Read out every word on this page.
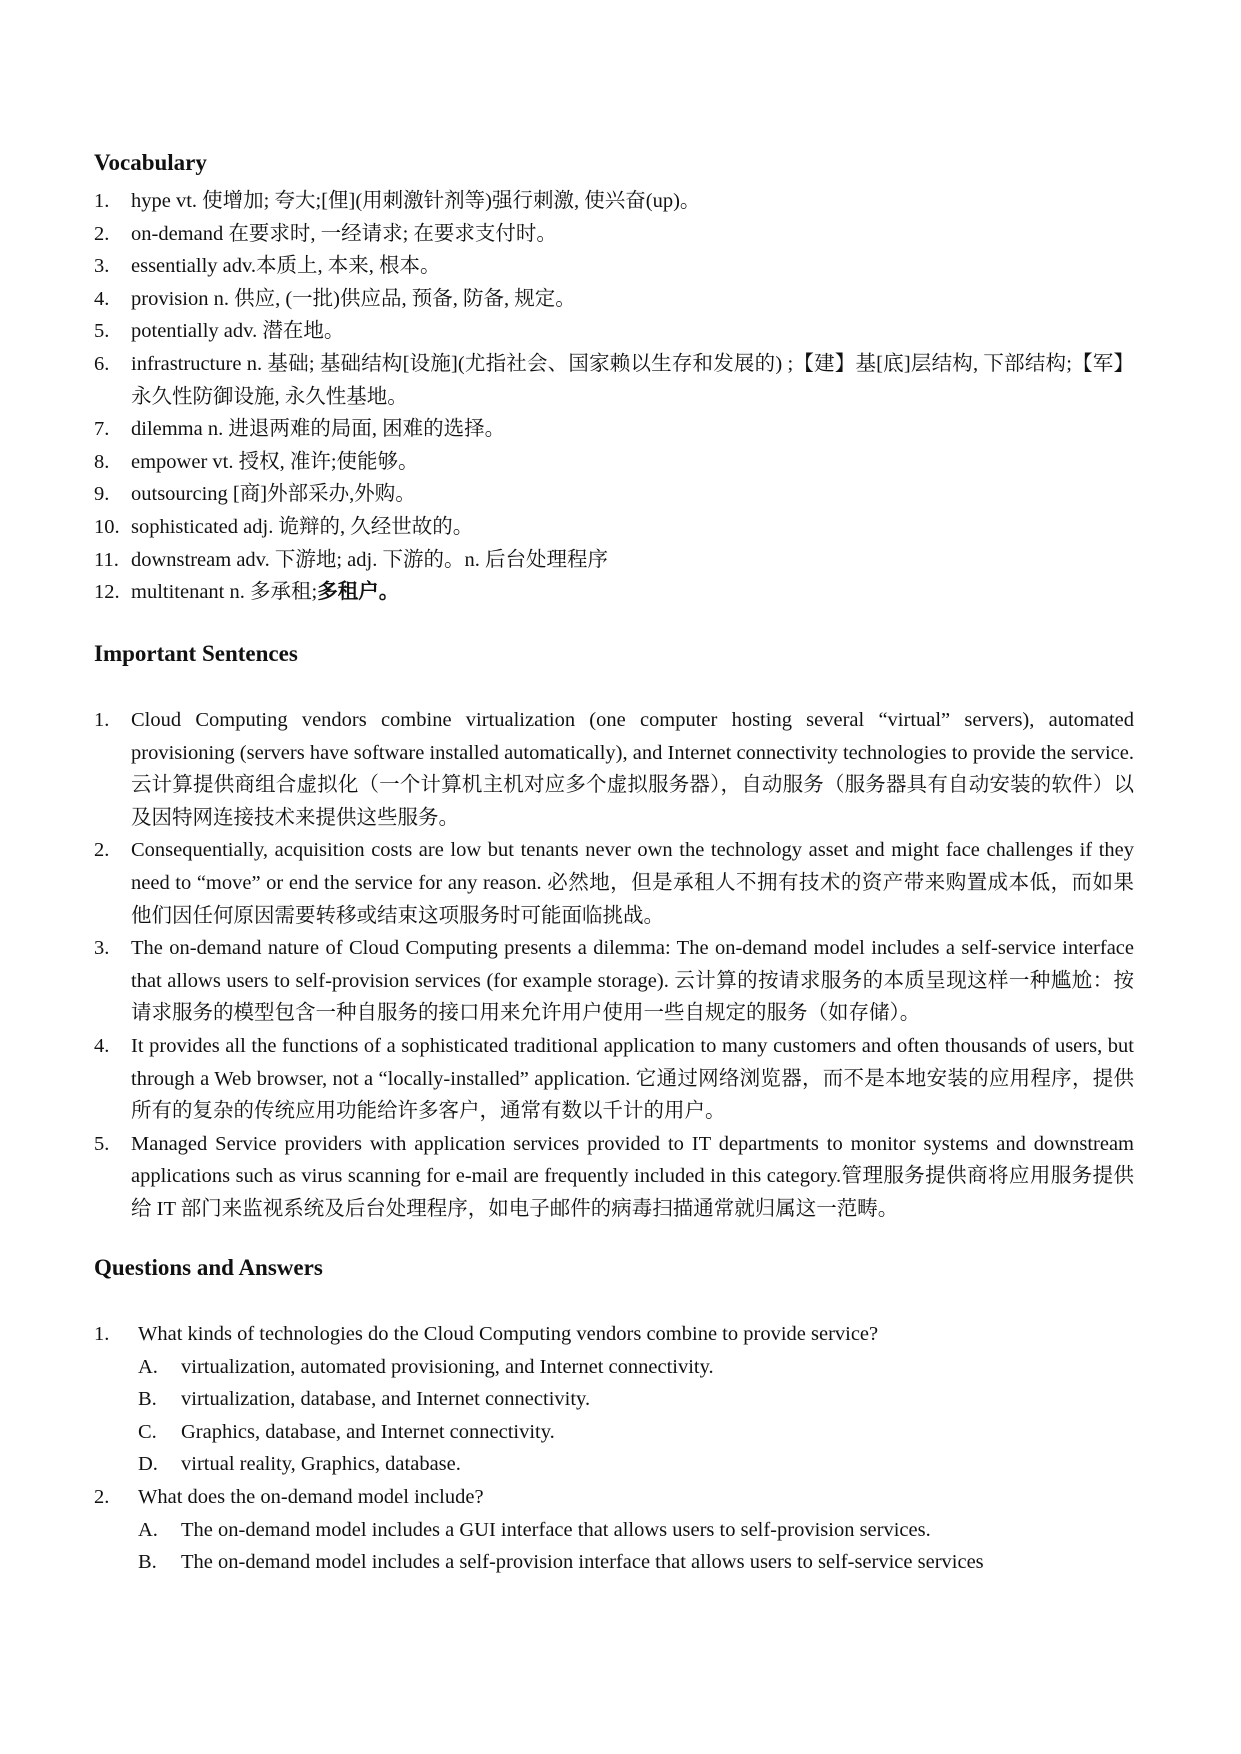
Vocabulary
1.	hype vt. 使增加; 夸大;[俚](用刺激针剂等)强行刺激, 使兴奋(up)。
2.	on-demand 在要求时, 一经请求; 在要求支付时。
3.	essentially adv.本质上, 本来, 根本。
4.	provision n. 供应, (一批)供应品, 预备, 防备, 规定。
5.	potentially adv. 潜在地。
6.	infrastructure n. 基础; 基础结构[设施](尤指社会、国家赖以生存和发展的) ;【建】基[底]层结构, 下部结构;【军】永久性防御设施, 永久性基地。
7.	dilemma n. 进退两难的局面, 困难的选择。
8.	empower vt. 授权, 准许;使能够。
9.	outsourcing [商]外部采办,外购。
10. sophisticated adj. 诡辩的, 久经世故的。
11. downstream adv. 下游地; adj. 下游的。n. 后台处理程序
12. multitenant n. 多承租;多租户。
Important Sentences
1.	Cloud Computing vendors combine virtualization (one computer hosting several “virtual” servers), automated provisioning (servers have software installed automatically), and Internet connectivity technologies to provide the service. 云计算提供商组合虚拟化（一个计算机主机对应多个虚拟服务器），自动服务（服务器具有自动安装的软件）以及因特网连接技术来提供这些服务。
2.	Consequentially, acquisition costs are low but tenants never own the technology asset and might face challenges if they need to “move” or end the service for any reason. 必然地，但是承租人不拥有技术的资产带来购置成本低，而如果他们因任何原因需要转移或结束这项服务时可能面临挑战。
3.	The on-demand nature of Cloud Computing presents a dilemma: The on-demand model includes a self-service interface that allows users to self-provision services (for example storage). 云计算的按请求服务的本质呈现这样一种尴尬：按请求服务的模型包含一种自服务的接口用来允许用户使用一些自规定的服务（如存储）。
4.	It provides all the functions of a sophisticated traditional application to many customers and often thousands of users, but through a Web browser, not a “locally-installed” application. 它通过网络浏览器，而不是本地安装的应用程序，提供所有的复杂的传统应用功能给许多客户，通常有数以千计的用户。
5.	Managed Service providers with application services provided to IT departments to monitor systems and downstream applications such as virus scanning for e-mail are frequently included in this category.管理服务提供商将应用服务提供给 IT 部门来监视系统及后台处理程序，如电子邮件的病毒扫描通常就归属这一范畴。
Questions and Answers
1.	What kinds of technologies do the Cloud Computing vendors combine to provide service?
A. virtualization, automated provisioning, and Internet connectivity.
B. virtualization, database, and Internet connectivity.
C. Graphics, database, and Internet connectivity.
D. virtual reality, Graphics, database.
2.	What does the on-demand model include?
A. The on-demand model includes a GUI interface that allows users to self-provision services.
B. The on-demand model includes a self-provision interface that allows users to self-service services
